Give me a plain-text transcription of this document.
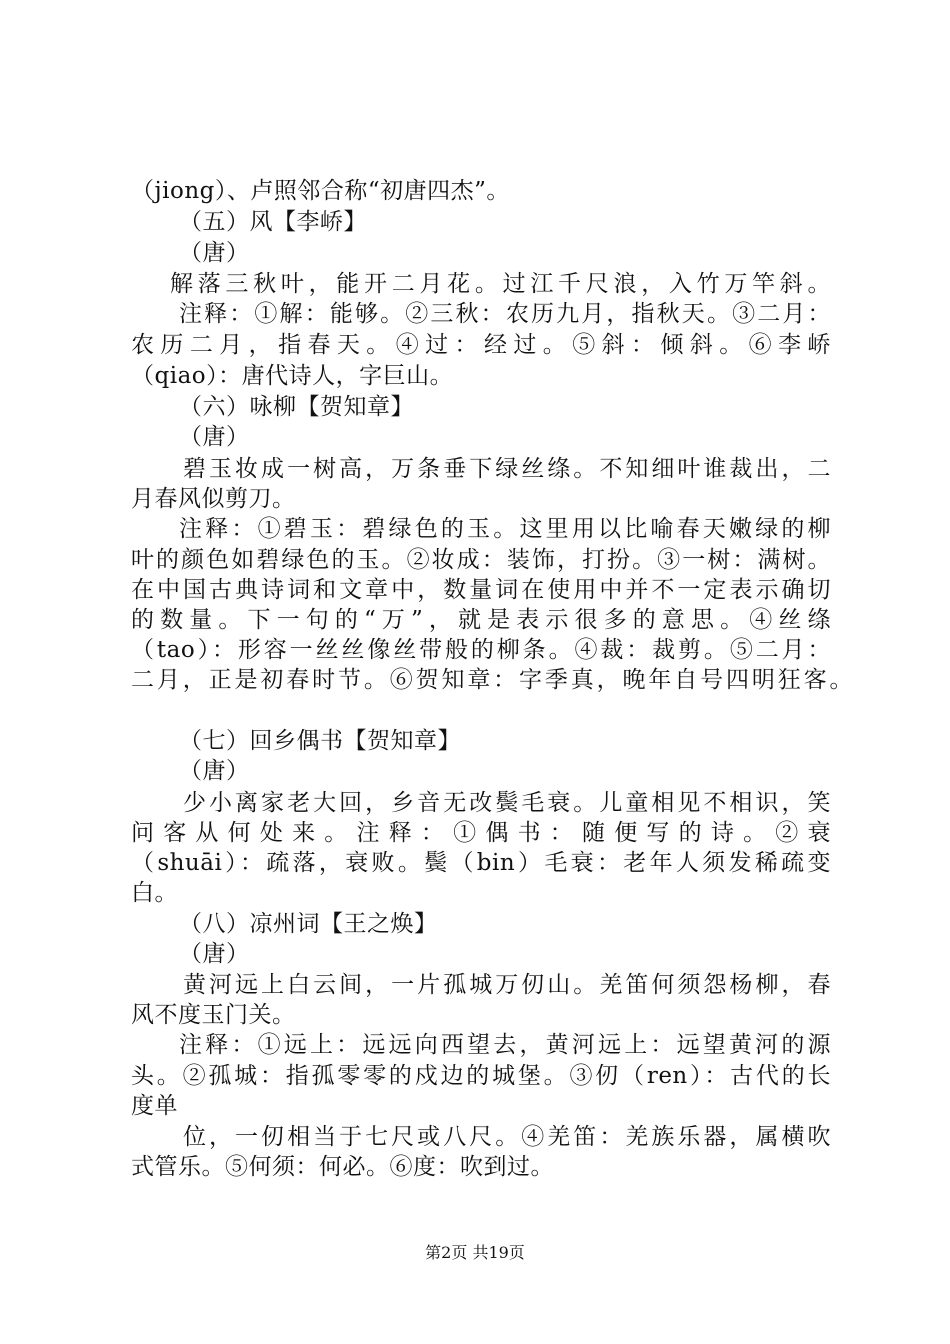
（jiong）、卢照邻合称“初唐四杰”。
（五）风【李峤】
（唐）
解落三秋叶，能开二月花。过江千尺浪，入竹万竿斜。
注释：①解：能够。②三秋：农历九月，指秋天。③二月：
农历二月，指春天。④过：经过。⑤斜：倾斜。⑥李峤
（qiao）：唐代诗人，字巨山。
（六）咏柳【贺知章】
（唐）
碧玉妆成一树高，万条垂下绿丝绦。不知细叶谁裁出，二
月春风似剪刀。
注释：①碧玉：碧绿色的玉。这里用以比喻春天嫩绿的柳
叶的颜色如碧绿色的玉。②妆成：装饰，打扮。③一树：满树。
在中国古典诗词和文章中，数量词在使用中并不一定表示确切
的数量。下一句的“万”，就是表示很多的意思。④丝绦
（tao）：形容一丝丝像丝带般的柳条。④裁：裁剪。⑤二月：
二月，正是初春时节。⑥贺知章：字季真，晚年自号四明狂客。
（七）回乡偶书【贺知章】
（唐）
少小离家老大回，乡音无改鬓毛衰。儿童相见不相识，笑
问客从何处来。注释：①偶书：随便写的诗。②衰
（shuāi）：疏落，衰败。鬓（bin）毛衰：老年人须发稀疏变
白。
（八）凉州词【王之焕】
（唐）
黄河远上白云间，一片孤城万仞山。羌笛何须怨杨柳，春
风不度玉门关。
注释：①远上：远远向西望去，黄河远上：远望黄河的源
头。②孤城：指孤零零的戍边的城堡。③仞（ren）：古代的长
度单
位，一仞相当于七尺或八尺。④羌笛：羌族乐器，属横吹
式管乐。⑤何须：何必。⑥度：吹到过。
第2页 共19页
